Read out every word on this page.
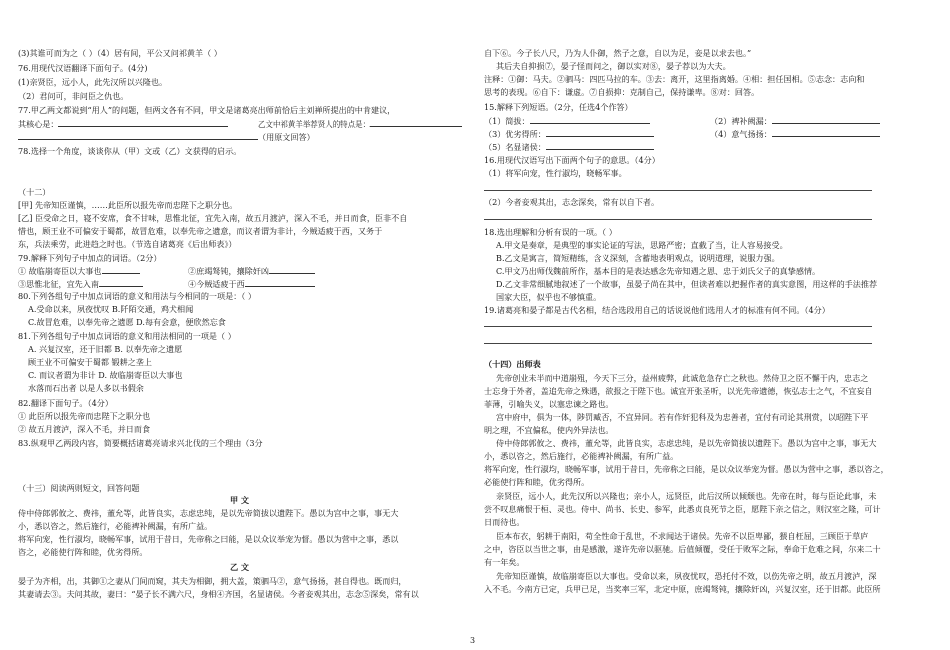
(3)其谁可而为之（ ）（4）居有间，平公又问祁黄羊（ ）
76.用现代汉语翻译下面句子。(4分)
(1)亲贤臣，远小人，此先汉所以兴隆也。
（2）君问可，非问臣之仇也。
77.甲乙两文都说到“用人”的问题，但两文各有不同，甲文是诸葛亮出师前恰后主刘禅所提出的中肯建议，
其核心是：	乙文中祁黄羊举荐贤人的特点是：
（用原文回答）
78.选择一个角度，谈谈你从（甲）文或（乙）文获得的启示。
（十二）
[甲] 先帝知臣谨慎，……此臣所以报先帝而忠陛下之职分也。
[乙] 臣受命之日，寝不安席，食不甘味，思惟北征，宜先入南，故五月渡泸，深入不毛，并日而食，臣非不自
惜也，顾王业不可偏安于蜀都，故冒危难，以奉先帝之遗意，而议者谓为非计，今贼适疲于西，又务于
东，兵法乘劳，此进趋之时也。（节选自诸葛亮《后出师表》）
79.解释下列句子中加点的词语。（2分）
① 故临崩寄臣以大事也	②庶竭驽钝，攘除奸凶
③思惟北征，宜先入南	④今贼适疲于西
80.下列各组句子中加点词语的意义和用法与今相同的一项是：（ ）
A.受命以来，夙夜忧叹 B.阡陌交通，鸡犬相闻
C.故冒危难，以奉先帝之遗愿 D.每有会意，便欣然忘食
81.下列各组句子中加点词语的意义和用法相同的一项是（ ）
A. 兴复汉室，还于旧都 B. 以奉先帝之遗愿
顾王业不可偏安于蜀都 锻耕之垄上
C. 而议者谓为非计 D. 故临崩寄臣以大事也
水落而石出者 以是人多以书假余
82.翻译下面句子。（4分）
① 此臣所以报先帝而忠陛下之职分也
② 故五月渡泸，深入不毛，并日而食
83.纵观甲乙两段内容，简要概括诸葛亮请求兴北伐的三个理由（3分
（十三）阅读两则短文，回答问题
甲 文
侍中侍郎郭攸之、费祎，董允等，此皆良实，志虑忠纯，是以先帝简拔以遗陛下。愚以为宫中之事，事无大
小，悉以咨之，然后施行，必能裨补阙漏，有所广益。
将军向宠，性行淑均，晓畅军事，试用于昔日，先帝称之曰能，是以众议举宠为督。愚以为营中之事，悉以
咨之，必能使行阵和睦，优劣得所。
乙 文
晏子为齐相，出，其御①之妻从门间而窥，其夫为相御，拥大盖，策驷马②，意气扬扬，甚自得也。既而归，
其妻请去③。夫问其故，妻曰：“晏子长不满六尺，身相④齐国，名显诸侯。今者妾观其出，志念⑤深矣，常有以
自下⑥。今子长八尺，乃为人仆御，然子之意，自以为足，妾是以求去也。”
其后夫自抑损⑦，晏子怪而问之，御以实对⑧，晏子荐以为大夫。
注释：①御：马夫。②驷马：四匹马拉的车。③去：离开，这里指离婚。④相：担任国相。⑤志念：志向和
思考的表现。⑥自下：谦虚。⑦自损抑：克制自己，保持谦卑。⑧对：回答。
15.解释下列短语。（2分，任选4个作答）
（1）简拔：	（2）裨补阙漏：
（3）优劣得所：	（4）意气扬扬：
（5）名显诸侯：
16.用现代汉语写出下面两个句子的意思。（4分）
（1）将军向宠，性行淑均，晓畅军事。
（2）今者妾观其出，志念深矣，常有以自下者。
18.选出理解和分析有误的一项。（ ）
A.甲文是奏章，是典型的事实论证的写法，思路严密；直截了当，让人容易接受。
B.乙文是寓言，简短精练，含义深刻，含蓄地表明观点，说明道理，说服力强。
C.甲文乃出师伐魏前所作，基本目的是表达感念先帝知遇之恩、忠于刘氏父子的真挚感情。
D.乙文非常细腻地叙述了一个故事，虽晏子尚在其中，但读者难以把握作者的真实意图，用这样的手法推荐
国家大臣，似乎也不够慎重。
19.诸葛亮和晏子都是古代名相，结合选段用自己的话说说他们选用人才的标准有何不同。（4分）
（十四）出师表
先帝创业未半而中道崩殂，今天下三分，益州疲弊，此诚危急存亡之秋也。然侍卫之臣不懈于内，忠志之
士忘身于外者，盖追先帝之殊遇，欲报之于陛下也。诚宜开张圣听，以光先帝遗德，恢弘志士之气，不宜妄自
菲薄，引喻失义，以塞忠谏之路也。
宫中府中，俱为一体，陟罚臧否，不宜异同。若有作奸犯科及为忠善者，宜付有司论其刑赏，以昭陛下平
明之理，不宜偏私，使内外异法也。
侍中侍郎郭攸之、费祎，董允等，此皆良实，志虑忠纯，是以先帝简拔以遗陛下。愚以为宫中之事，事无大
小，悉以咨之，然后施行，必能裨补阙漏，有所广益。
将军向宠，性行淑均，晓畅军事，试用于昔日，先帝称之曰能，是以众议举宠为督。愚以为营中之事，悉以咨之，
必能使行阵和睦，优劣得所。
亲贤臣，远小人，此先汉所以兴隆也；亲小人，远贤臣，此后汉所以倾颓也。先帝在时，每与臣论此事，未
尝不叹息痛恨于桓、灵也。侍中、尚书、长史、参军，此悉贞良死节之臣，愿陛下亲之信之，则汉室之隆，可计
日而待也。
臣本布衣，躬耕于南阳，苟全性命于乱世，不求闻达于诸侯。先帝不以臣卑鄙，猥自枉屈，三顾臣于草庐
之中，咨臣以当世之事，由是感激，遂许先帝以驱驰。后值倾覆，受任于败军之际，奉命于危难之间，尔来二十
有一年矣。
先帝知臣谨慎，故临崩寄臣以大事也。受命以来，夙夜忧叹，恐托付不效，以伤先帝之明，故五月渡泸，深
入不毛。今南方已定，兵甲已足，当奖率三军，北定中原，庶竭驽钝，攘除奸凶，兴复汉室，还于旧都。此臣所
3
